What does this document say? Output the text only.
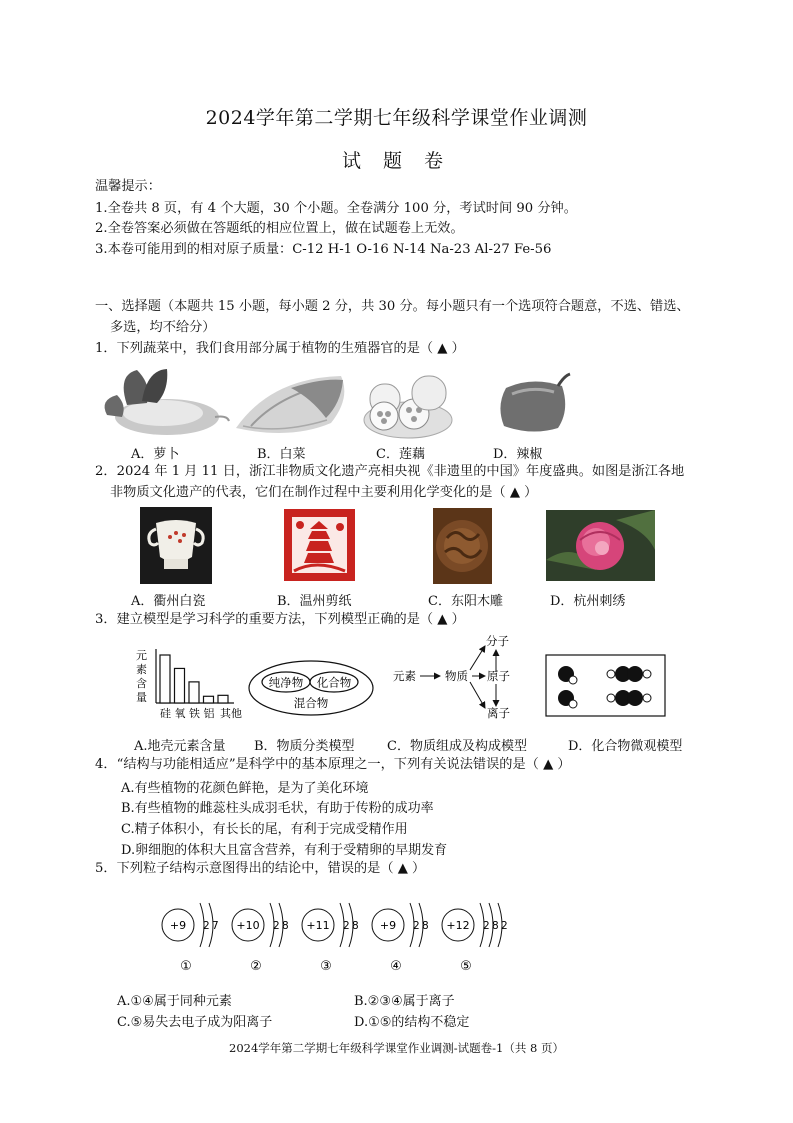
2024学年第二学期七年级科学课堂作业调测
试 题 卷
温馨提示：
1.全卷共 8 页，有 4 个大题，30 个小题。全卷满分 100 分，考试时间 90 分钟。
2.全卷答案必须做在答题纸的相应位置上，做在试题卷上无效。
3.本卷可能用到的相对原子质量：C-12 H-1 O-16 N-14 Na-23 Al-27 Fe-56
一、选择题（本题共 15 小题，每小题 2 分，共 30 分。每小题只有一个选项符合题意，不选、错选、
多选，均不给分）
1．下列蔬菜中，我们食用部分属于植物的生殖器官的是（ ▲ ）
A．萝卜	B．白菜	C．莲藕	D．辣椒
2．2024 年 1 月 11 日，浙江非物质文化遗产亮相央视《非遗里的中国》年度盛典。如图是浙江各地
非物质文化遗产的代表，它们在制作过程中主要利用化学变化的是（ ▲ ）
A．衢州白瓷	B．温州剪纸	C．东阳木雕	D．杭州刺绣
3．建立模型是学习科学的重要方法，下列模型正确的是（ ▲ ）
元
素
含
量
硅 氧 铁 铝 其他
纯净物 化合物
混合物
元素	物质
分子
原子
离子
A.地壳元素含量 B．物质分类模型 C．物质组成及构成模型	D．化合物微观模型
4．“结构与功能相适应”是科学中的基本原理之一，下列有关说法错误的是（ ▲ ）
A.有些植物的花颜色鲜艳，是为了美化环境
B.有些植物的雌蕊柱头成羽毛状，有助于传粉的成功率
C.精子体积小，有长长的尾，有利于完成受精作用
D.卵细胞的体积大且富含营养，有利于受精卵的早期发育
5．下列粒子结构示意图得出的结论中，错误的是（ ▲ ）
+9 2 7
①
+10 2 8
②
+11 2 8
③
+9 2 8
④
+12 2 8 2
⑤
A.①④属于同种元素	B.②③④属于离子
C.⑤易失去电子成为阳离子	D.①⑤的结构不稳定
2024学年第二学期七年级科学课堂作业调测-试题卷-1（共 8 页）
